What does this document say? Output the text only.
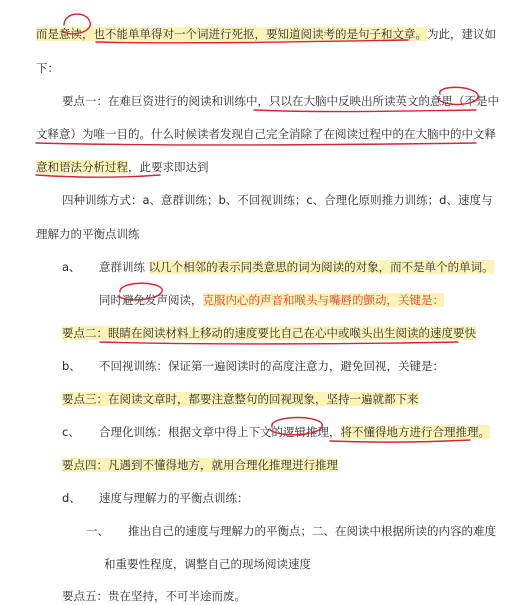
而是意读，也不能单单得对一个词进行死抠，要知道阅读考的是句子和文章。为此，建议如
下：
要点一：在难巨资进行的阅读和训练中，只以在大脑中反映出所读英文的意思（不是中
文释意）为唯一目的。什么时候读者发现自己完全消除了在阅读过程中的在大脑中的中文释
意和语法分析过程，此要求即达到
四种训练方式：a、意群训练；b、不回视训练；c、合理化原则推力训练；d、速度与
理解力的平衡点训练
a、 意群训练 以几个相邻的表示同类意思的词为阅读的对象，而不是单个的单词。
同时避免发声阅读，克服内心的声音和喉头与嘴唇的颤动，关键是：
要点二：眼睛在阅读材料上移动的速度要比自己在心中或喉头出生阅读的速度要快
b、 不回视训练：保证第一遍阅读时的高度注意力，避免回视，关键是：
要点三：在阅读文章时，都要注意整句的回视现象，坚持一遍就都下来
c、 合理化训练：根据文章中得上下文的逻辑推理，将不懂得地方进行合理推理。
要点四：凡遇到不懂得地方，就用合理化推理进行推理
d、 速度与理解力的平衡点训练：
一、 推出自己的速度与理解力的平衡点；二、在阅读中根据所读的内容的难度
和重要性程度，调整自己的现场阅读速度
要点五：贵在坚持，不可半途而废。
